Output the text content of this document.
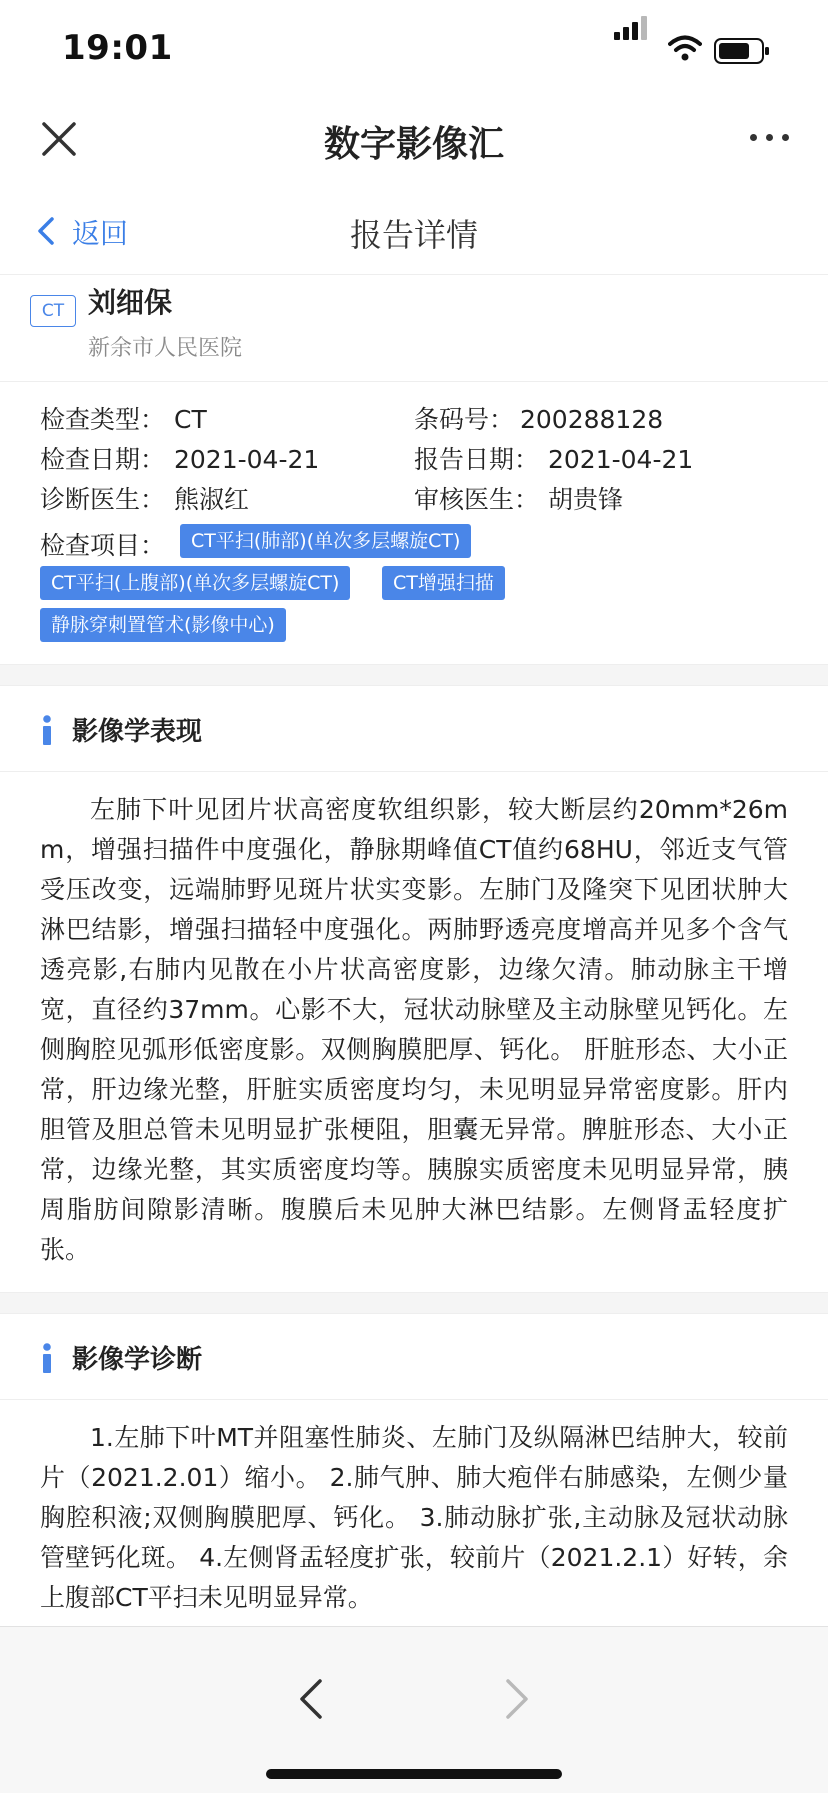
19:01
数字影像汇
返回	报告详情
CT 刘细保
新余市人民医院
检查类型： CT	条码号： 200288128
检查日期： 2021-04-21	报告日期： 2021-04-21
诊断医生： 熊淑红	审核医生： 胡贵锋
检查项目：	CT平扫(肺部)(单次多层螺旋CT)
CT平扫(上腹部)(单次多层螺旋CT)	CT增强扫描
静脉穿刺置管术(影像中心)
影像学表现
左肺下叶见团片状高密度软组织影，较大断层约20mm*26mm，增强扫描件中度强化，静脉期峰值CT值约68HU，邻近支气管受压改变，远端肺野见斑片状实变影。左肺门及隆突下见团状肿大淋巴结影，增强扫描轻中度强化。两肺野透亮度增高并见多个含气透亮影,右肺内见散在小片状高密度影，边缘欠清。肺动脉主干增宽，直径约37mm。心影不大，冠状动脉壁及主动脉壁见钙化。左侧胸腔见弧形低密度影。双侧胸膜肥厚、钙化。 肝脏形态、大小正常，肝边缘光整，肝脏实质密度均匀，未见明显异常密度影。肝内胆管及胆总管未见明显扩张梗阻，胆囊无异常。脾脏形态、大小正常，边缘光整，其实质密度均等。胰腺实质密度未见明显异常，胰周脂肪间隙影清晰。腹膜后未见肿大淋巴结影。左侧肾盂轻度扩张。
影像学诊断
1.左肺下叶MT并阻塞性肺炎、左肺门及纵隔淋巴结肿大，较前片（2021.2.01）缩小。 2.肺气肿、肺大疱伴右肺感染，左侧少量胸腔积液;双侧胸膜肥厚、钙化。 3.肺动脉扩张,主动脉及冠状动脉管壁钙化斑。 4.左侧肾盂轻度扩张，较前片（2021.2.1）好转，余上腹部CT平扫未见明显异常。
